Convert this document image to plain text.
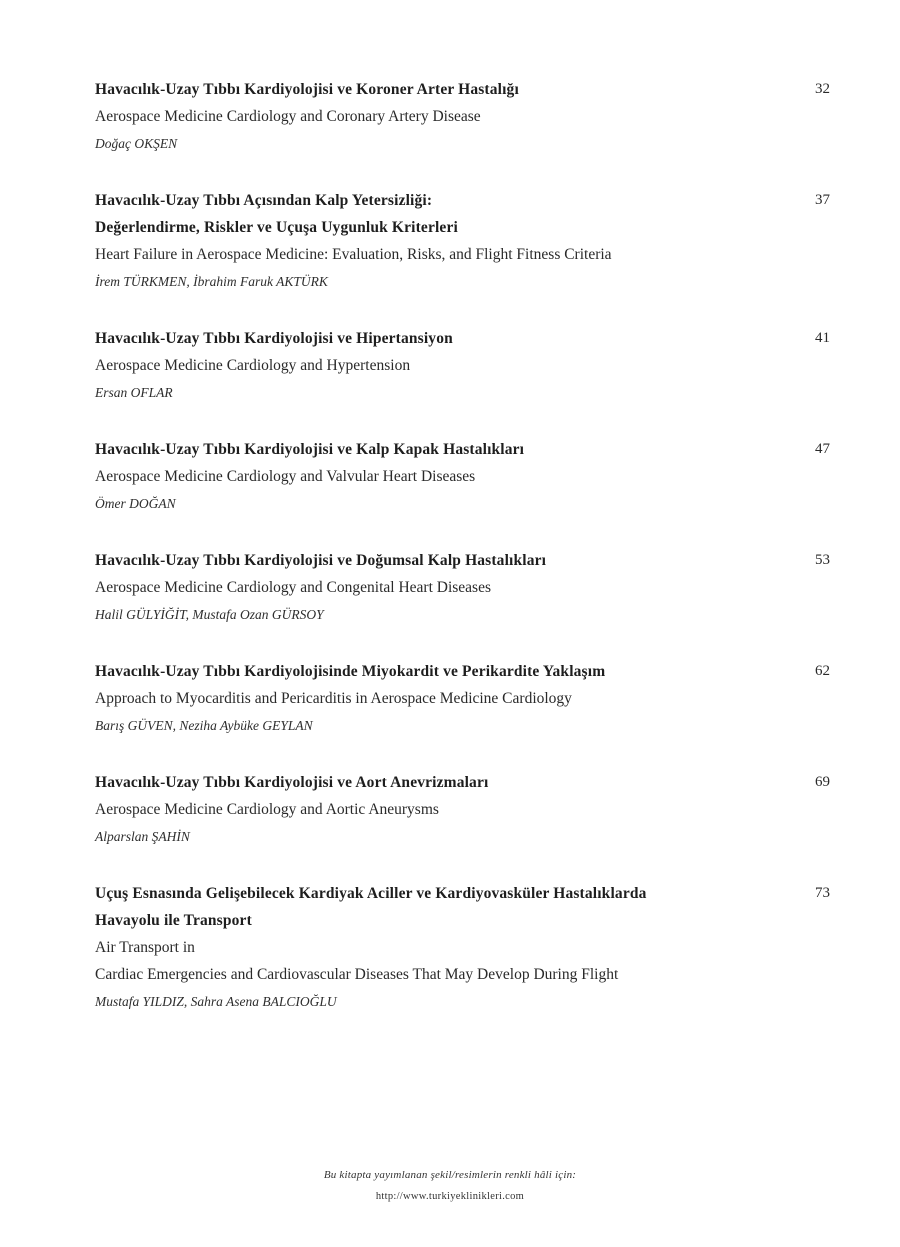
Havacılık-Uzay Tıbbı Kardiyolojisi ve Koroner Arter Hastalığı
Aerospace Medicine Cardiology and Coronary Artery Disease

Doğaç OKŞEN

32
Havacılık-Uzay Tıbbı Açısından Kalp Yetersizliği:
Değerlendirme, Riskler ve Uçuşa Uygunluk Kriterleri
Heart Failure in Aerospace Medicine: Evaluation, Risks, and Flight Fitness Criteria

İrem TÜRKMEN, İbrahim Faruk AKTÜRK

37
Havacılık-Uzay Tıbbı Kardiyolojisi ve Hipertansiyon
Aerospace Medicine Cardiology and Hypertension

Ersan OFLAR

41
Havacılık-Uzay Tıbbı Kardiyolojisi ve Kalp Kapak Hastalıkları
Aerospace Medicine Cardiology and Valvular Heart Diseases

Ömer DOĞAN

47
Havacılık-Uzay Tıbbı Kardiyolojisi ve Doğumsal Kalp Hastalıkları
Aerospace Medicine Cardiology and Congenital Heart Diseases

Halil GÜLYİĞİT, Mustafa Ozan GÜRSOY

53
Havacılık-Uzay Tıbbı Kardiyolojisinde Miyokardit ve Perikardite Yaklaşım
Approach to Myocarditis and Pericarditis in Aerospace Medicine Cardiology

Barış GÜVEN, Neziha Aybüke GEYLAN

62
Havacılık-Uzay Tıbbı Kardiyolojisi ve Aort Anevrizmaları
Aerospace Medicine Cardiology and Aortic Aneurysms

Alparslan ŞAHİN

69
Uçuş Esnasında Gelişebilecek Kardiyak Aciller ve Kardiyovasküler Hastalıklarda
Havayolu ile Transport
Air Transport in
Cardiac Emergencies and Cardiovascular Diseases That May Develop During Flight

Mustafa YILDIZ, Sahra Asena BALCIOĞLU

73

Bu kitapta yayımlanan şekil/resimlerin renkli hâli için:

http://www.turkiyeklinikleri.com
